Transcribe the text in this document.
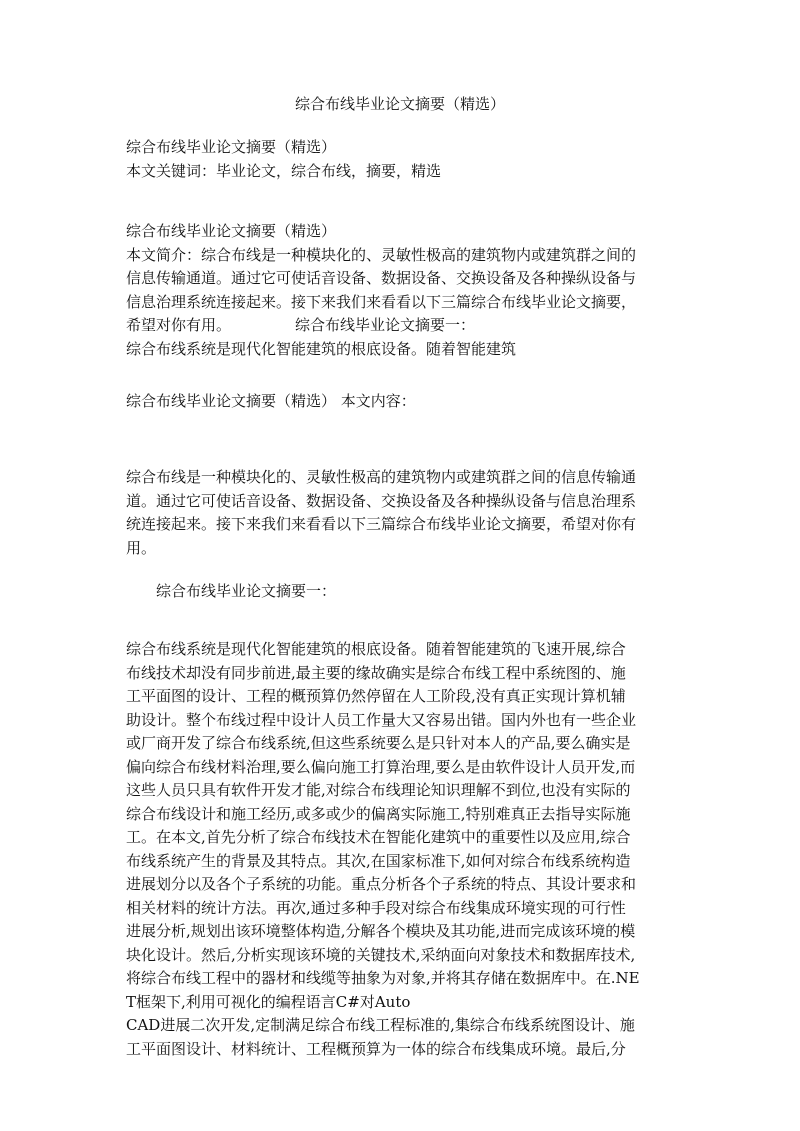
综合布线毕业论文摘要（精选）

综合布线毕业论文摘要（精选）

本文关键词：毕业论文，综合布线，摘要，精选

综合布线毕业论文摘要（精选）

本文简介：综合布线是一种模块化的、灵敏性极高的建筑物内或建筑群之间的

信息传输通道。通过它可使话音设备、数据设备、交换设备及各种操纵设备与

信息治理系统连接起来。接下来我们来看看以下三篇综合布线毕业论文摘要，

希望对你有用。	综合布线毕业论文摘要一：

综合布线系统是现代化智能建筑的根底设备。随着智能建筑

综合布线毕业论文摘要（精选） 本文内容：

综合布线是一种模块化的、灵敏性极高的建筑物内或建筑群之间的信息传输通

道。通过它可使话音设备、数据设备、交换设备及各种操纵设备与信息治理系

统连接起来。接下来我们来看看以下三篇综合布线毕业论文摘要，希望对你有

用。

综合布线毕业论文摘要一：

综合布线系统是现代化智能建筑的根底设备。随着智能建筑的飞速开展,综合

布线技术却没有同步前进,最主要的缘故确实是综合布线工程中系统图的、施

工平面图的设计、工程的概预算仍然停留在人工阶段,没有真正实现计算机辅

助设计。整个布线过程中设计人员工作量大又容易出错。国内外也有一些企业

或厂商开发了综合布线系统,但这些系统要么是只针对本人的产品,要么确实是

偏向综合布线材料治理,要么偏向施工打算治理,要么是由软件设计人员开发,而

这些人员只具有软件开发才能,对综合布线理论知识理解不到位,也没有实际的

综合布线设计和施工经历,或多或少的偏离实际施工,特别难真正去指导实际施

工。在本文,首先分析了综合布线技术在智能化建筑中的重要性以及应用,综合

布线系统产生的背景及其特点。其次,在国家标准下,如何对综合布线系统构造

进展划分以及各个子系统的功能。重点分析各个子系统的特点、其设计要求和

相关材料的统计方法。再次,通过多种手段对综合布线集成环境实现的可行性

进展分析,规划出该环境整体构造,分解各个模块及其功能,进而完成该环境的模

块化设计。然后,分析实现该环境的关键技术,采纳面向对象技术和数据库技术,

将综合布线工程中的器材和线缆等抽象为对象,并将其存储在数据库中。在.NE

T框架下,利用可视化的编程语言C#对Auto

CAD进展二次开发,定制满足综合布线工程标准的,集综合布线系统图设计、施

工平面图设计、材料统计、工程概预算为一体的综合布线集成环境。最后,分
